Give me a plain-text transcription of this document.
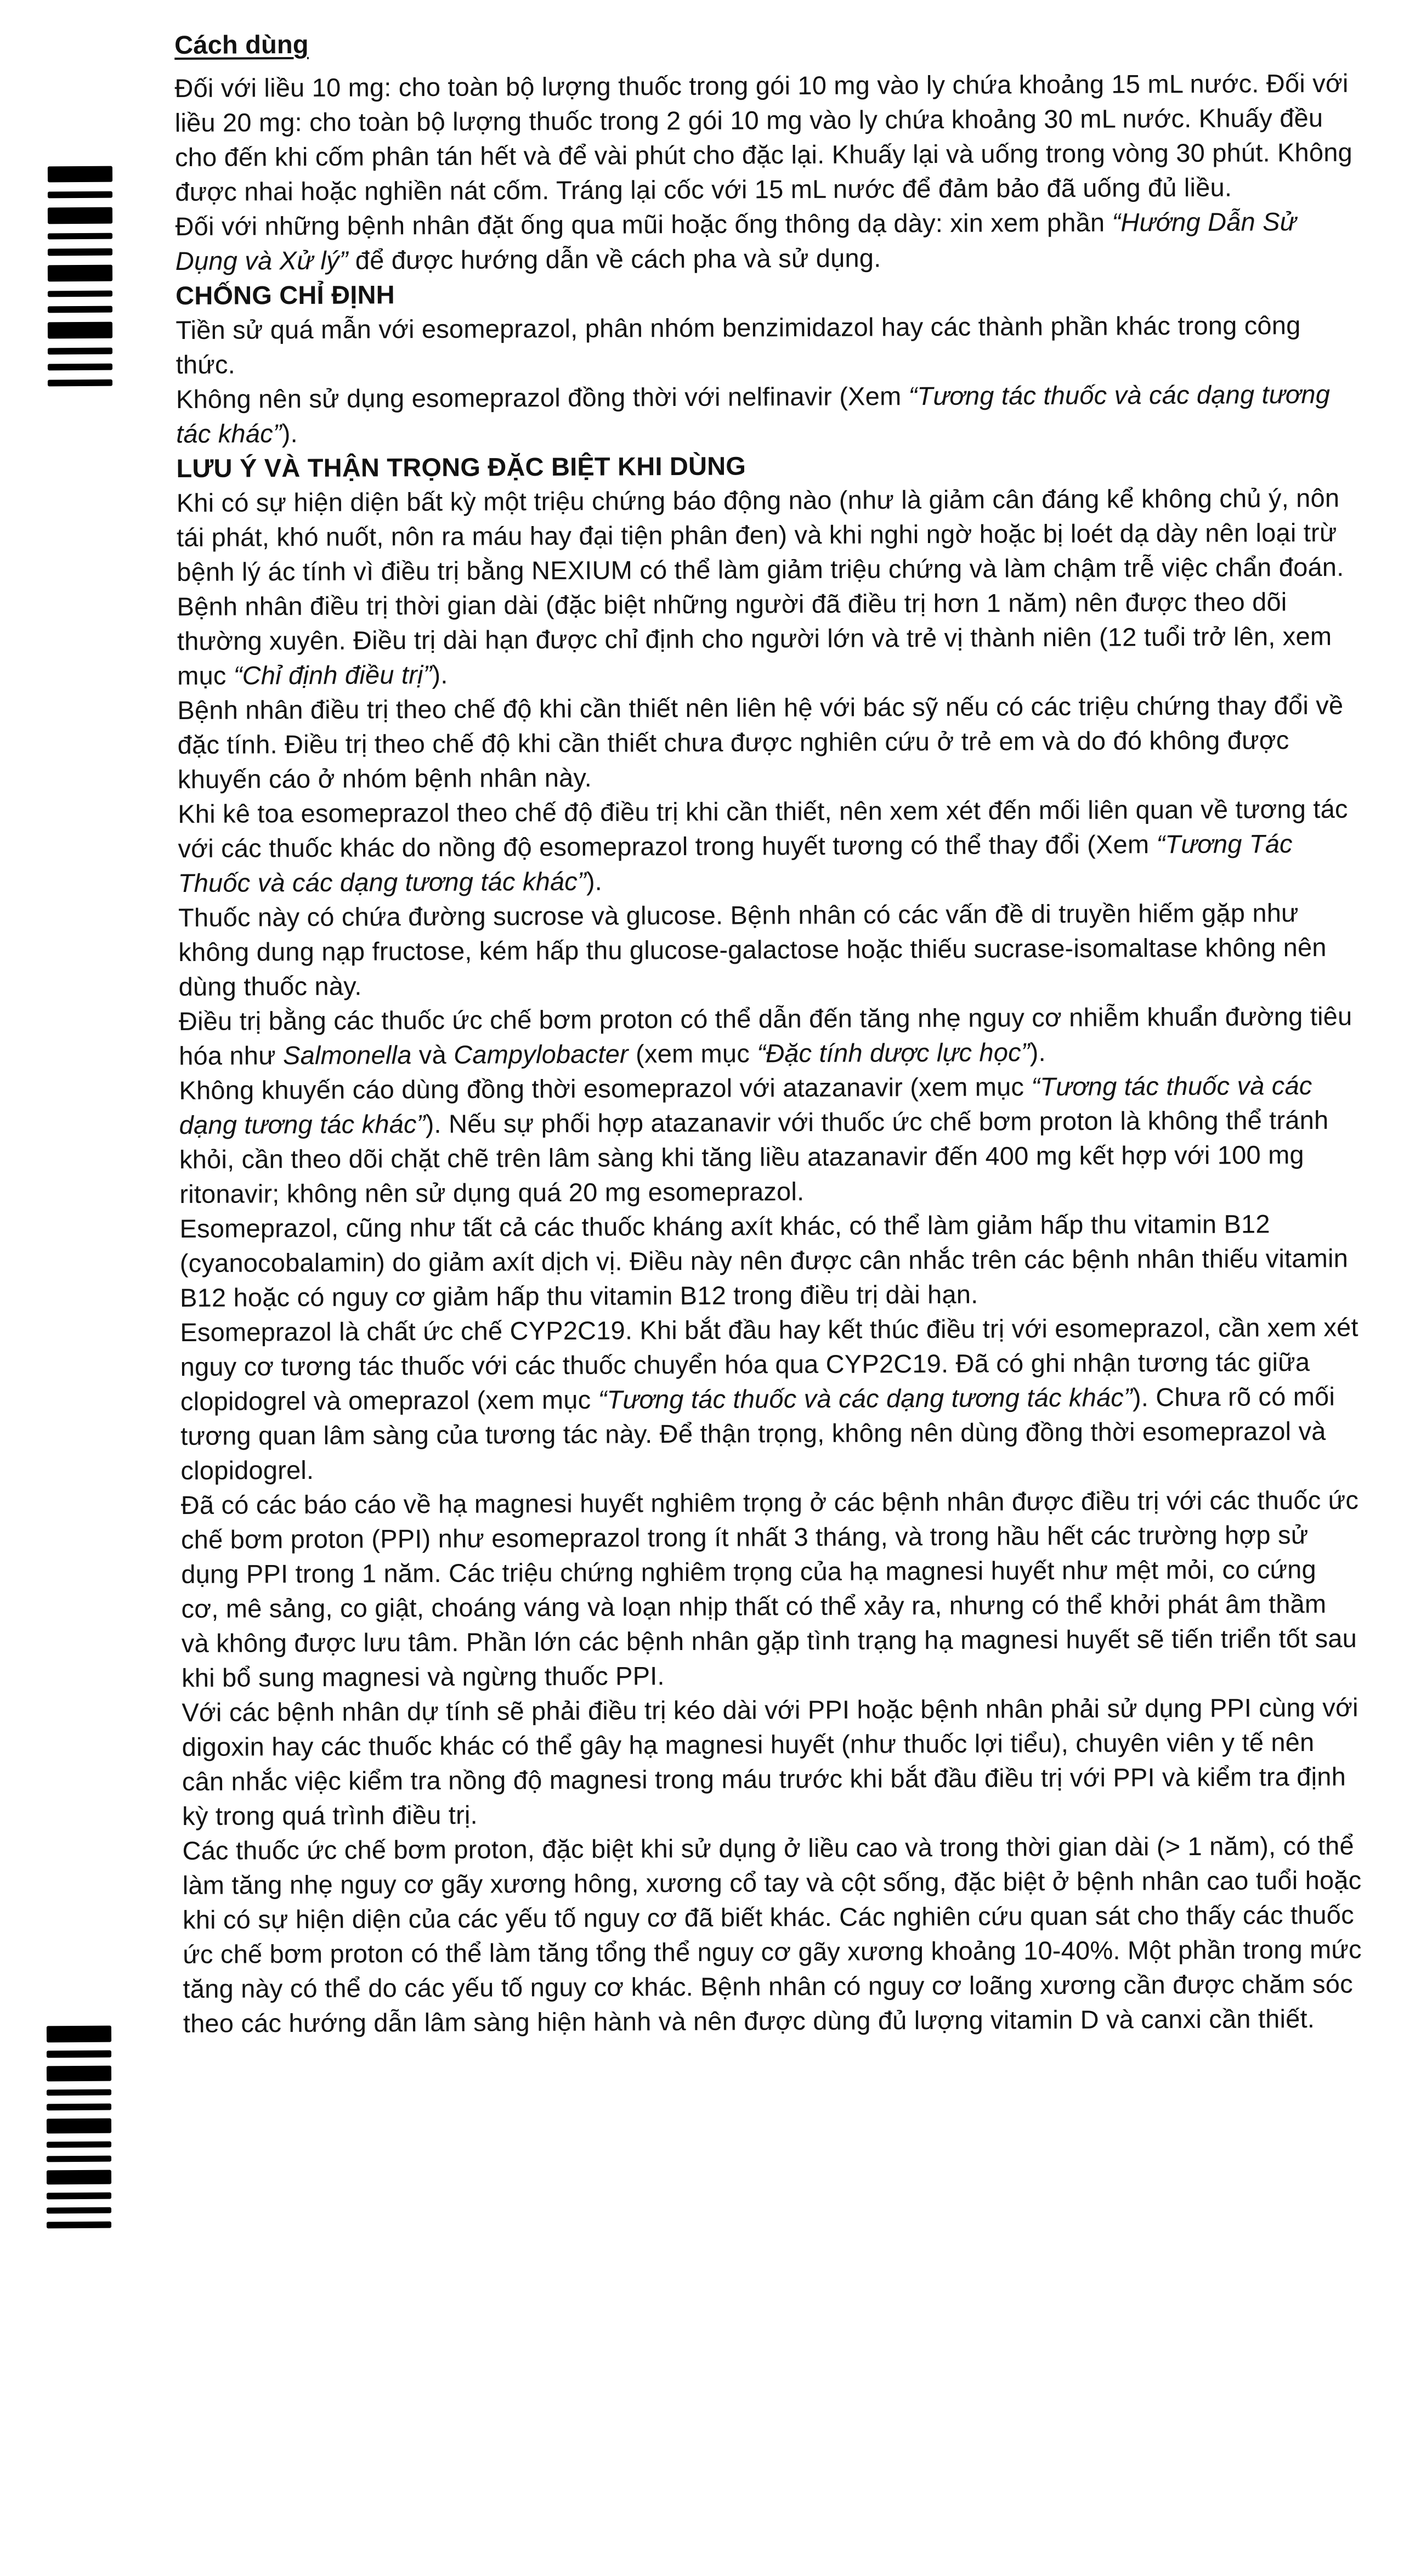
Cách dùng
Đối với liều 10 mg: cho toàn bộ lượng thuốc trong gói 10 mg vào ly chứa khoảng 15 mL nước. Đối với liều 20 mg: cho toàn bộ lượng thuốc trong 2 gói 10 mg vào ly chứa khoảng 30 mL nước. Khuấy đều cho đến khi cốm phân tán hết và để vài phút cho đặc lại. Khuấy lại và uống trong vòng 30 phút. Không được nhai hoặc nghiền nát cốm. Tráng lại cốc với 15 mL nước để đảm bảo đã uống đủ liều.
Đối với những bệnh nhân đặt ống qua mũi hoặc ống thông dạ dày: xin xem phần “Hướng Dẫn Sử Dụng và Xử lý” để được hướng dẫn về cách pha và sử dụng.
CHỐNG CHỈ ĐỊNH
Tiền sử quá mẫn với esomeprazol, phân nhóm benzimidazol hay các thành phần khác trong công thức.
Không nên sử dụng esomeprazol đồng thời với nelfinavir (Xem “Tương tác thuốc và các dạng tương tác khác”).
LƯU Ý VÀ THẬN TRỌNG ĐẶC BIỆT KHI DÙNG
Khi có sự hiện diện bất kỳ một triệu chứng báo động nào (như là giảm cân đáng kể không chủ ý, nôn tái phát, khó nuốt, nôn ra máu hay đại tiện phân đen) và khi nghi ngờ hoặc bị loét dạ dày nên loại trừ bệnh lý ác tính vì điều trị bằng NEXIUM có thể làm giảm triệu chứng và làm chậm trễ việc chẩn đoán.
Bệnh nhân điều trị thời gian dài (đặc biệt những người đã điều trị hơn 1 năm) nên được theo dõi thường xuyên. Điều trị dài hạn được chỉ định cho người lớn và trẻ vị thành niên (12 tuổi trở lên, xem mục “Chỉ định điều trị”).
Bệnh nhân điều trị theo chế độ khi cần thiết nên liên hệ với bác sỹ nếu có các triệu chứng thay đổi về đặc tính. Điều trị theo chế độ khi cần thiết chưa được nghiên cứu ở trẻ em và do đó không được khuyến cáo ở nhóm bệnh nhân này.
Khi kê toa esomeprazol theo chế độ điều trị khi cần thiết, nên xem xét đến mối liên quan về tương tác với các thuốc khác do nồng độ esomeprazol trong huyết tương có thể thay đổi (Xem “Tương Tác Thuốc và các dạng tương tác khác”).
Thuốc này có chứa đường sucrose và glucose. Bệnh nhân có các vấn đề di truyền hiếm gặp như không dung nạp fructose, kém hấp thu glucose-galactose hoặc thiếu sucrase-isomaltase không nên dùng thuốc này.
Điều trị bằng các thuốc ức chế bơm proton có thể dẫn đến tăng nhẹ nguy cơ nhiễm khuẩn đường tiêu hóa như Salmonella và Campylobacter (xem mục “Đặc tính dược lực học”).
Không khuyến cáo dùng đồng thời esomeprazol với atazanavir (xem mục “Tương tác thuốc và các dạng tương tác khác”). Nếu sự phối hợp atazanavir với thuốc ức chế bơm proton là không thể tránh khỏi, cần theo dõi chặt chẽ trên lâm sàng khi tăng liều atazanavir đến 400 mg kết hợp với 100 mg ritonavir; không nên sử dụng quá 20 mg esomeprazol.
Esomeprazol, cũng như tất cả các thuốc kháng axít khác, có thể làm giảm hấp thu vitamin B12 (cyanocobalamin) do giảm axít dịch vị. Điều này nên được cân nhắc trên các bệnh nhân thiếu vitamin B12 hoặc có nguy cơ giảm hấp thu vitamin B12 trong điều trị dài hạn.
Esomeprazol là chất ức chế CYP2C19. Khi bắt đầu hay kết thúc điều trị với esomeprazol, cần xem xét nguy cơ tương tác thuốc với các thuốc chuyển hóa qua CYP2C19. Đã có ghi nhận tương tác giữa clopidogrel và omeprazol (xem mục “Tương tác thuốc và các dạng tương tác khác”). Chưa rõ có mối tương quan lâm sàng của tương tác này. Để thận trọng, không nên dùng đồng thời esomeprazol và clopidogrel.
Đã có các báo cáo về hạ magnesi huyết nghiêm trọng ở các bệnh nhân được điều trị với các thuốc ức chế bơm proton (PPI) như esomeprazol trong ít nhất 3 tháng, và trong hầu hết các trường hợp sử dụng PPI trong 1 năm. Các triệu chứng nghiêm trọng của hạ magnesi huyết như mệt mỏi, co cứng cơ, mê sảng, co giật, choáng váng và loạn nhịp thất có thể xảy ra, nhưng có thể khởi phát âm thầm và không được lưu tâm. Phần lớn các bệnh nhân gặp tình trạng hạ magnesi huyết sẽ tiến triển tốt sau khi bổ sung magnesi và ngừng thuốc PPI.
Với các bệnh nhân dự tính sẽ phải điều trị kéo dài với PPI hoặc bệnh nhân phải sử dụng PPI cùng với digoxin hay các thuốc khác có thể gây hạ magnesi huyết (như thuốc lợi tiểu), chuyên viên y tế nên cân nhắc việc kiểm tra nồng độ magnesi trong máu trước khi bắt đầu điều trị với PPI và kiểm tra định kỳ trong quá trình điều trị.
Các thuốc ức chế bơm proton, đặc biệt khi sử dụng ở liều cao và trong thời gian dài (> 1 năm), có thể làm tăng nhẹ nguy cơ gãy xương hông, xương cổ tay và cột sống, đặc biệt ở bệnh nhân cao tuổi hoặc khi có sự hiện diện của các yếu tố nguy cơ đã biết khác. Các nghiên cứu quan sát cho thấy các thuốc ức chế bơm proton có thể làm tăng tổng thể nguy cơ gãy xương khoảng 10-40%. Một phần trong mức tăng này có thể do các yếu tố nguy cơ khác. Bệnh nhân có nguy cơ loãng xương cần được chăm sóc theo các hướng dẫn lâm sàng hiện hành và nên được dùng đủ lượng vitamin D và canxi cần thiết.
